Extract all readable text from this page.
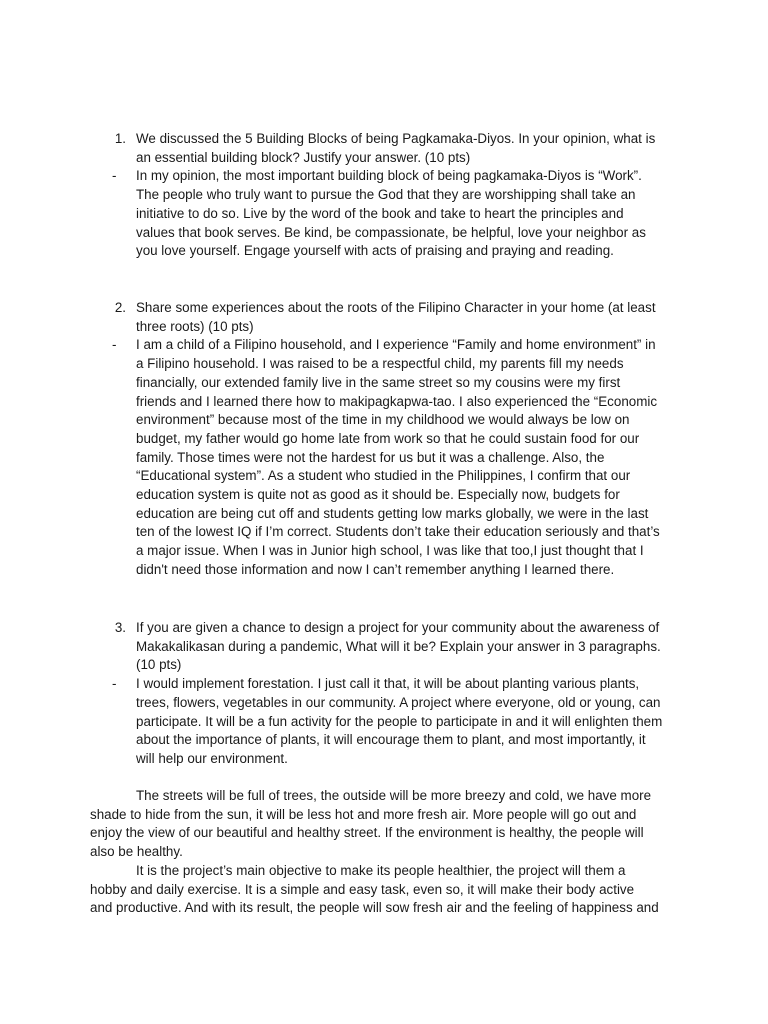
1. We discussed the 5 Building Blocks of being Pagkamaka-Diyos. In your opinion, what is
an essential building block? Justify your answer. (10 pts)
-	In my opinion, the most important building block of being pagkamaka-Diyos is “Work”.
The people who truly want to pursue the God that they are worshipping shall take an
initiative to do so. Live by the word of the book and take to heart the principles and
values that book serves. Be kind, be compassionate, be helpful, love your neighbor as
you love yourself. Engage yourself with acts of praising and praying and reading.
2. Share some experiences about the roots of the Filipino Character in your home (at least
three roots) (10 pts)
-	I am a child of a Filipino household, and I experience “Family and home environment” in
a Filipino household. I was raised to be a respectful child, my parents fill my needs
financially, our extended family live in the same street so my cousins were my first
friends and I learned there how to makipagkapwa-tao. I also experienced the “Economic
environment” because most of the time in my childhood we would always be low on
budget, my father would go home late from work so that he could sustain food for our
family. Those times were not the hardest for us but it was a challenge. Also, the
“Educational system”. As a student who studied in the Philippines, I confirm that our
education system is quite not as good as it should be. Especially now, budgets for
education are being cut off and students getting low marks globally, we were in the last
ten of the lowest IQ if I’m correct. Students don’t take their education seriously and that’s
a major issue. When I was in Junior high school, I was like that too,I just thought that I
didn't need those information and now I can’t remember anything I learned there.
3. If you are given a chance to design a project for your community about the awareness of
Makakalikasan during a pandemic, What will it be? Explain your answer in 3 paragraphs.
(10 pts)
-	I would implement forestation. I just call it that, it will be about planting various plants,
trees, flowers, vegetables in our community. A project where everyone, old or young, can
participate. It will be a fun activity for the people to participate in and it will enlighten them
about the importance of plants, it will encourage them to plant, and most importantly, it
will help our environment.
The streets will be full of trees, the outside will be more breezy and cold, we have more
shade to hide from the sun, it will be less hot and more fresh air. More people will go out and
enjoy the view of our beautiful and healthy street. If the environment is healthy, the people will
also be healthy.
It is the project’s main objective to make its people healthier, the project will them a
hobby and daily exercise. It is a simple and easy task, even so, it will make their body active
and productive. And with its result, the people will sow fresh air and the feeling of happiness and
